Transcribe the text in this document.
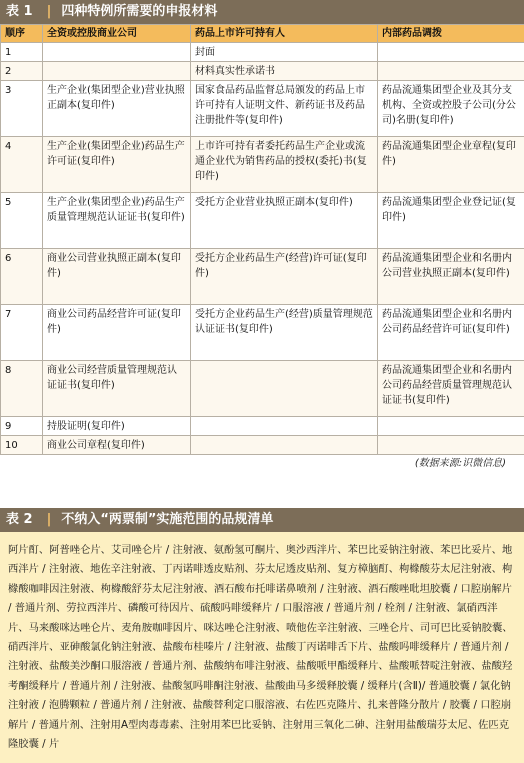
表 1 | 四种特例所需要的申报材料
顺序	全资或控股商业公司	药品上市许可持有人	内部药品调拨
1		封面	
2		材料真实性承诺书	
3	生产企业(集团型企业)营业执照正副本(复印件)	国家食品药品监督总局颁发的药品上市许可持有人证明文件、新药证书及药品注册批件等(复印件)	药品流通集团型企业及其分支机构、全资或控股子公司(分公司)名册(复印件)
4	生产企业(集团型企业)药品生产许可证(复印件)	上市许可持有者委托药品生产企业或流通企业代为销售药品的授权(委托)书(复印件)	药品流通集团型企业章程(复印件)
5	生产企业(集团型企业)药品生产质量管理规范认证证书(复印件)	受托方企业营业执照正副本(复印件)	药品流通集团型企业登记证(复印件)
6	商业公司营业执照正副本(复印件)	受托方企业药品生产(经营)许可证(复印件)	药品流通集团型企业和名册内公司营业执照正副本(复印件)
7	商业公司药品经营许可证(复印件)	受托方企业药品生产(经营)质量管理规范认证证书(复印件)	药品流通集团型企业和名册内公司药品经营许可证(复印件)
8	商业公司经营质量管理规范认证证书(复印件)		药品流通集团型企业和名册内公司药品经营质量管理规范认证证书(复印件)
9	持股证明(复印件)		
10	商业公司章程(复印件)		
(数据来源:识微信息)
表 2 | 不纳入“两票制”实施范围的品规清单
阿片酊、阿普唑仑片、艾司唑仑片 / 注射液、氨酚氢可酮片、奥沙西泮片、苯巴比妥钠注射液、苯巴比妥片、地西泮片 / 注射液、地佐辛注射液、丁丙诺啡透皮贴剂、芬太尼透皮贴剂、复方樟脑酊、枸橼酸芬太尼注射液、枸橼酸咖啡因注射液、枸橼酸舒芬太尼注射液、酒石酸布托啡诺鼻喷剂 / 注射液、酒石酸唑吡坦胶囊 / 口腔崩解片 / 普通片剂、劳拉西泮片、磷酸可待因片、硫酸吗啡缓释片 / 口服溶液 / 普通片剂 / 栓剂 / 注射液、氯硝西泮片、马来酸咪达唑仑片、麦角胺咖啡因片、咪达唑仑注射液、喷他佐辛注射液、三唑仑片、司可巴比妥钠胶囊、硝西泮片、亚砷酸氯化钠注射液、盐酸布桂嗪片 / 注射液、盐酸丁丙诺啡舌下片、盐酸吗啡缓释片 / 普通片剂 / 注射液、盐酸美沙酮口服溶液 / 普通片剂、盐酸纳布啡注射液、盐酸哌甲酯缓释片、盐酸哌替啶注射液、盐酸羟考酮缓释片 / 普通片剂 / 注射液、盐酸氢吗啡酮注射液、盐酸曲马多缓释胶囊 / 缓释片(含Ⅱ)/ 普通胶囊 / 氯化钠注射液 / 泡腾颗粒 / 普通片剂 / 注射液、盐酸替利定口服溶液、右佐匹克隆片、扎来普隆分散片 / 胶囊 / 口腔崩解片 / 普通片剂、注射用A型肉毒毒素、注射用苯巴比妥钠、注射用三氧化二砷、注射用盐酸瑞芬太尼、佐匹克隆胶囊 / 片
